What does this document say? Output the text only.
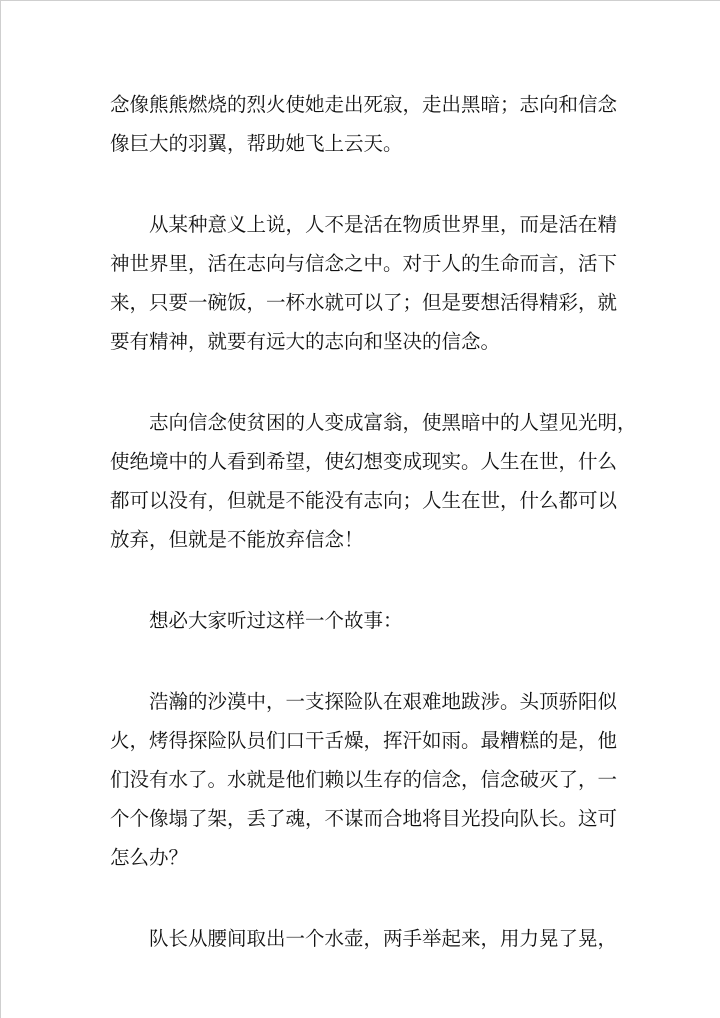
念像熊熊燃烧的烈火使她走出死寂，走出黑暗；志向和信念
像巨大的羽翼，帮助她飞上云天。
从某种意义上说，人不是活在物质世界里，而是活在精
神世界里，活在志向与信念之中。对于人的生命而言，活下
来，只要一碗饭，一杯水就可以了；但是要想活得精彩，就
要有精神，就要有远大的志向和坚决的信念。
志向信念使贫困的人变成富翁，使黑暗中的人望见光明，
使绝境中的人看到希望，使幻想变成现实。人生在世，什么
都可以没有，但就是不能没有志向；人生在世，什么都可以
放弃，但就是不能放弃信念！
想必大家听过这样一个故事：
浩瀚的沙漠中，一支探险队在艰难地跋涉。头顶骄阳似
火，烤得探险队员们口干舌燥，挥汗如雨。最糟糕的是，他
们没有水了。水就是他们赖以生存的信念，信念破灭了，一
个个像塌了架，丢了魂，不谋而合地将目光投向队长。这可
怎么办？
队长从腰间取出一个水壶，两手举起来，用力晃了晃，
